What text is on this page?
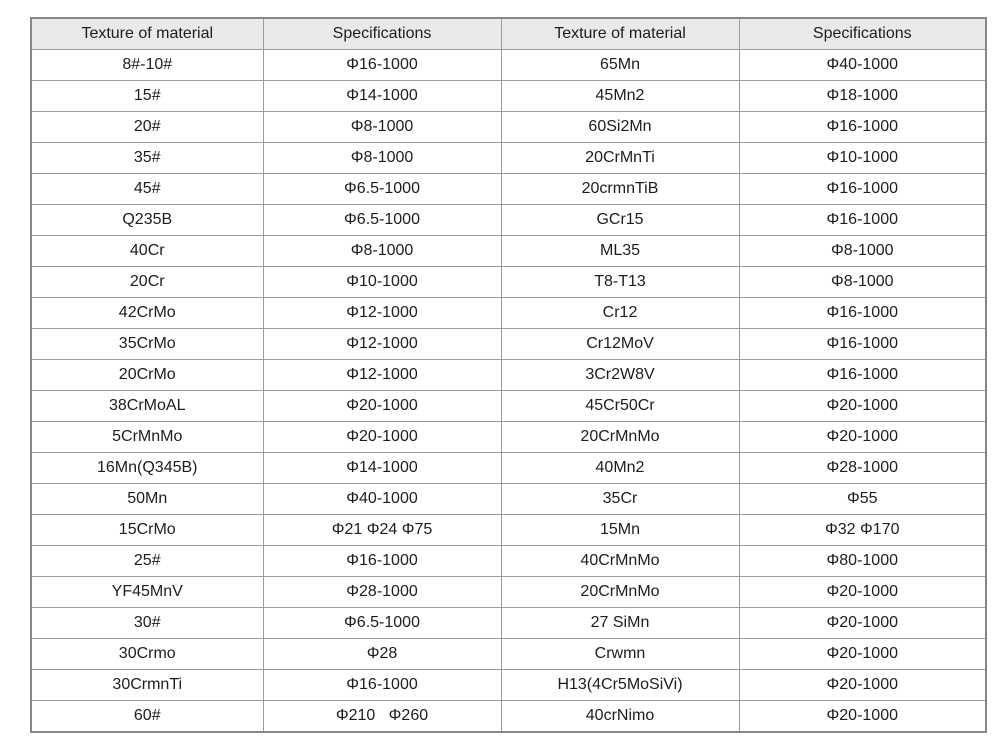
Texture of material	Specifications	Texture of material	Specifications
8#-10#	Φ16-1000	65Mn	Φ40-1000
15#	Φ14-1000	45Mn2	Φ18-1000
20#	Φ8-1000	60Si2Mn	Φ16-1000
35#	Φ8-1000	20CrMnTi	Φ10-1000
45#	Φ6.5-1000	20crmnTiB	Φ16-1000
Q235B	Φ6.5-1000	GCr15	Φ16-1000
40Cr	Φ8-1000	ML35	Φ8-1000
20Cr	Φ10-1000	T8-T13	Φ8-1000
42CrMo	Φ12-1000	Cr12	Φ16-1000
35CrMo	Φ12-1000	Cr12MoV	Φ16-1000
20CrMo	Φ12-1000	3Cr2W8V	Φ16-1000
38CrMoAL	Φ20-1000	45Cr50Cr	Φ20-1000
5CrMnMo	Φ20-1000	20CrMnMo	Φ20-1000
16Mn(Q345B)	Φ14-1000	40Mn2	Φ28-1000
50Mn	Φ40-1000	35Cr	Φ55
15CrMo	Φ21 Φ24 Φ75	15Mn	Φ32 Φ170
25#	Φ16-1000	40CrMnMo	Φ80-1000
YF45MnV	Φ28-1000	20CrMnMo	Φ20-1000
30#	Φ6.5-1000	27 SiMn	Φ20-1000
30Crmo	Φ28	Crwmn	Φ20-1000
30CrmnTi	Φ16-1000	H13(4Cr5MoSiVi)	Φ20-1000
60#	Φ210   Φ260	40crNimo	Φ20-1000
